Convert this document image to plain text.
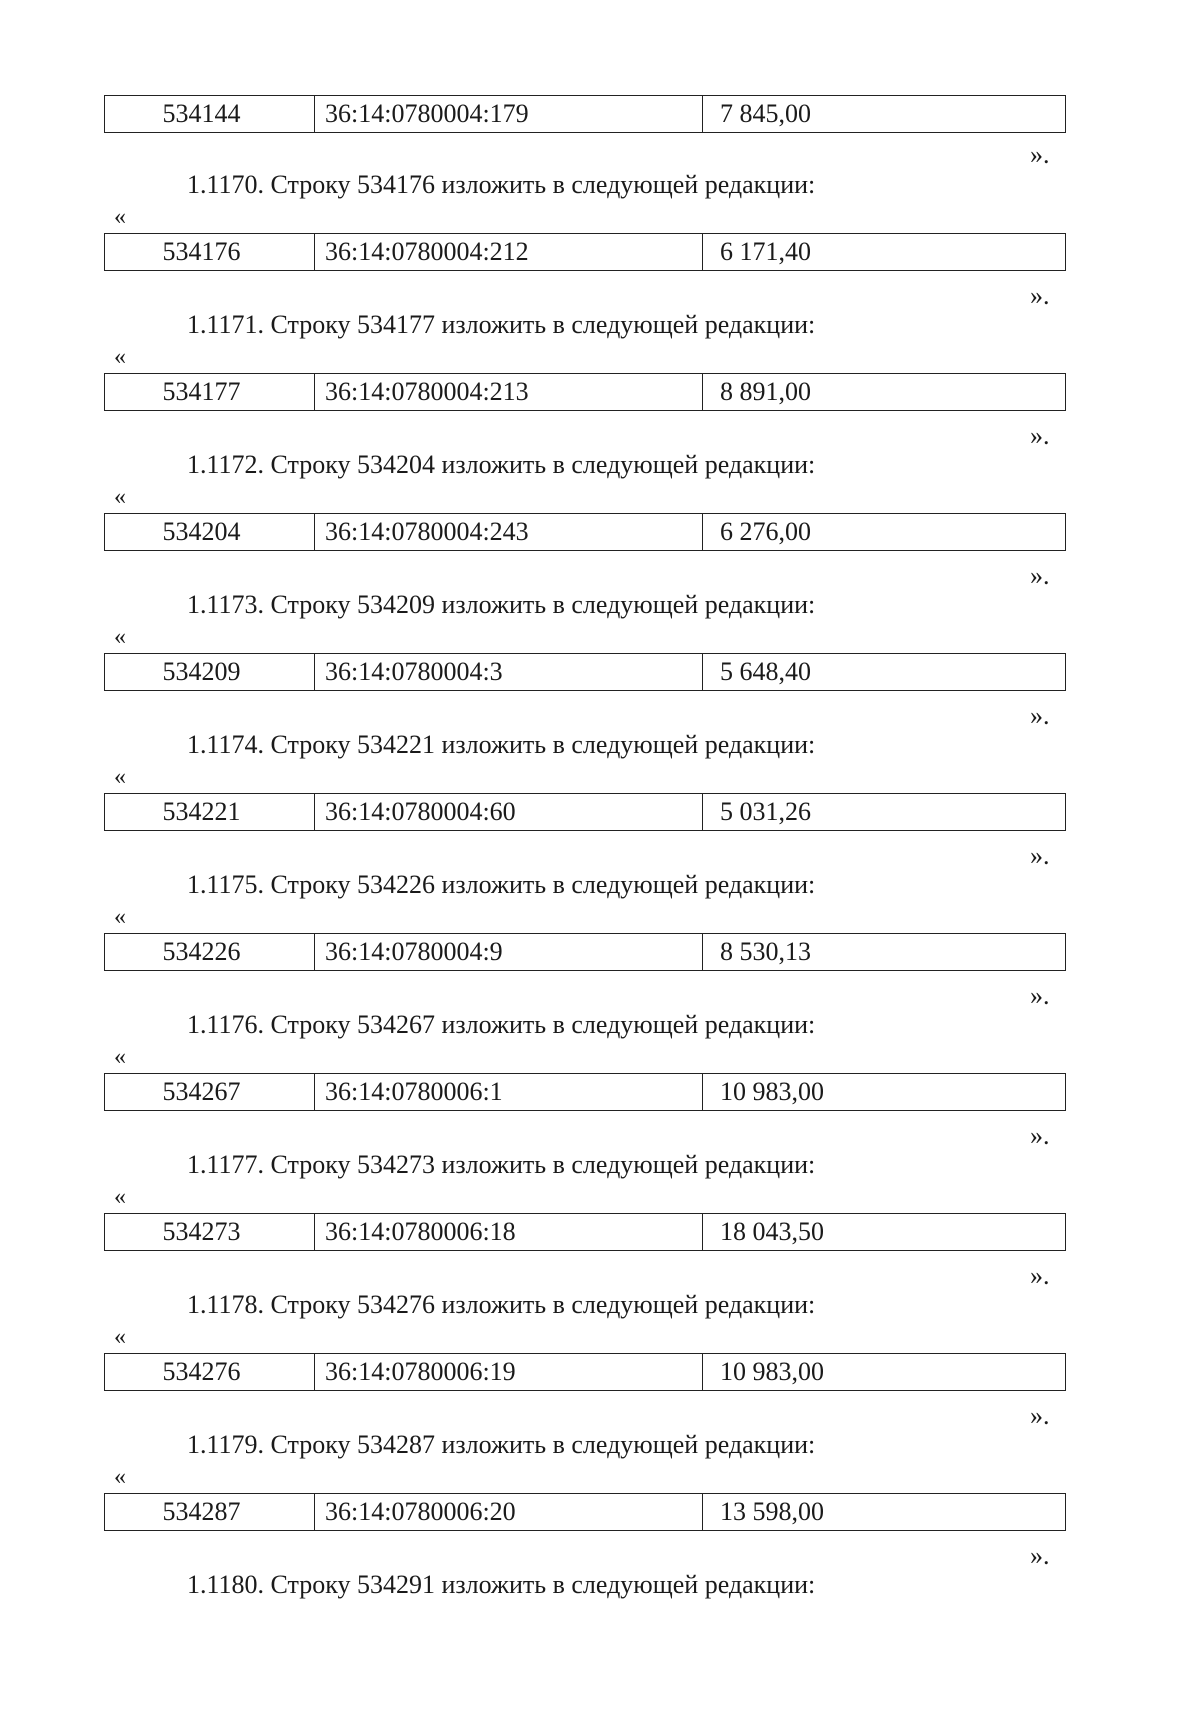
534144	36:14:0780004:179	7 845,00
».
1.1170. Строку 534176 изложить в следующей редакции:
«
534176	36:14:0780004:212	6 171,40
».
1.1171. Строку 534177 изложить в следующей редакции:
«
534177	36:14:0780004:213	8 891,00
».
1.1172. Строку 534204 изложить в следующей редакции:
«
534204	36:14:0780004:243	6 276,00
».
1.1173. Строку 534209 изложить в следующей редакции:
«
534209	36:14:0780004:3	5 648,40
».
1.1174. Строку 534221 изложить в следующей редакции:
«
534221	36:14:0780004:60	5 031,26
».
1.1175. Строку 534226 изложить в следующей редакции:
«
534226	36:14:0780004:9	8 530,13
».
1.1176. Строку 534267 изложить в следующей редакции:
«
534267	36:14:0780006:1	10 983,00
».
1.1177. Строку 534273 изложить в следующей редакции:
«
534273	36:14:0780006:18	18 043,50
».
1.1178. Строку 534276 изложить в следующей редакции:
«
534276	36:14:0780006:19	10 983,00
».
1.1179. Строку 534287 изложить в следующей редакции:
«
534287	36:14:0780006:20	13 598,00
».
1.1180. Строку 534291 изложить в следующей редакции:
